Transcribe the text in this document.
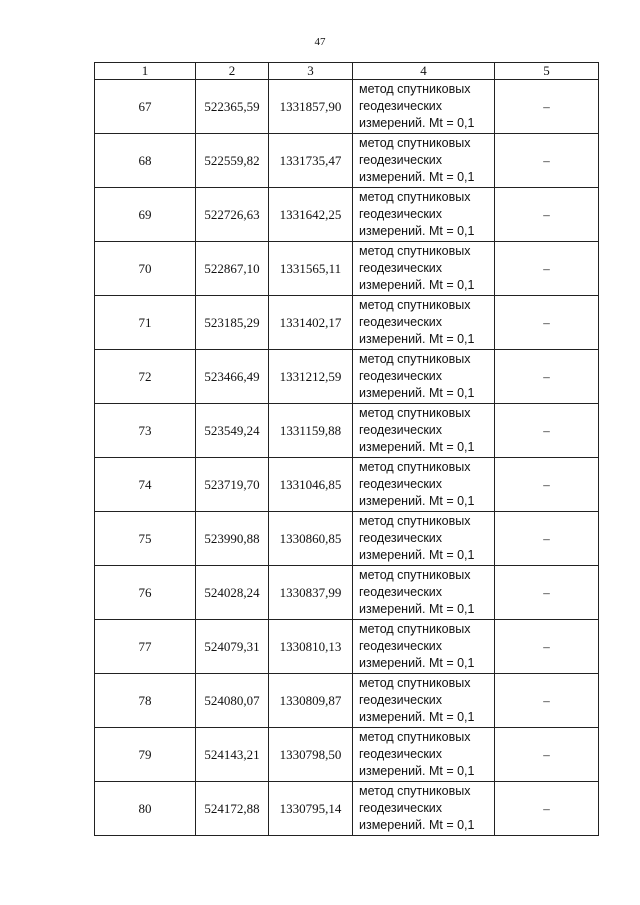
47
1	2	3	4	5
67	522365,59	1331857,90	метод спутниковых
геодезических
измерений. Mt = 0,1	–
68	522559,82	1331735,47	метод спутниковых
геодезических
измерений. Mt = 0,1	–
69	522726,63	1331642,25	метод спутниковых
геодезических
измерений. Mt = 0,1	–
70	522867,10	1331565,11	метод спутниковых
геодезических
измерений. Mt = 0,1	–
71	523185,29	1331402,17	метод спутниковых
геодезических
измерений. Mt = 0,1	–
72	523466,49	1331212,59	метод спутниковых
геодезических
измерений. Mt = 0,1	–
73	523549,24	1331159,88	метод спутниковых
геодезических
измерений. Mt = 0,1	–
74	523719,70	1331046,85	метод спутниковых
геодезических
измерений. Mt = 0,1	–
75	523990,88	1330860,85	метод спутниковых
геодезических
измерений. Mt = 0,1	–
76	524028,24	1330837,99	метод спутниковых
геодезических
измерений. Mt = 0,1	–
77	524079,31	1330810,13	метод спутниковых
геодезических
измерений. Mt = 0,1	–
78	524080,07	1330809,87	метод спутниковых
геодезических
измерений. Mt = 0,1	–
79	524143,21	1330798,50	метод спутниковых
геодезических
измерений. Mt = 0,1	–
80	524172,88	1330795,14	метод спутниковых
геодезических
измерений. Mt = 0,1	–
